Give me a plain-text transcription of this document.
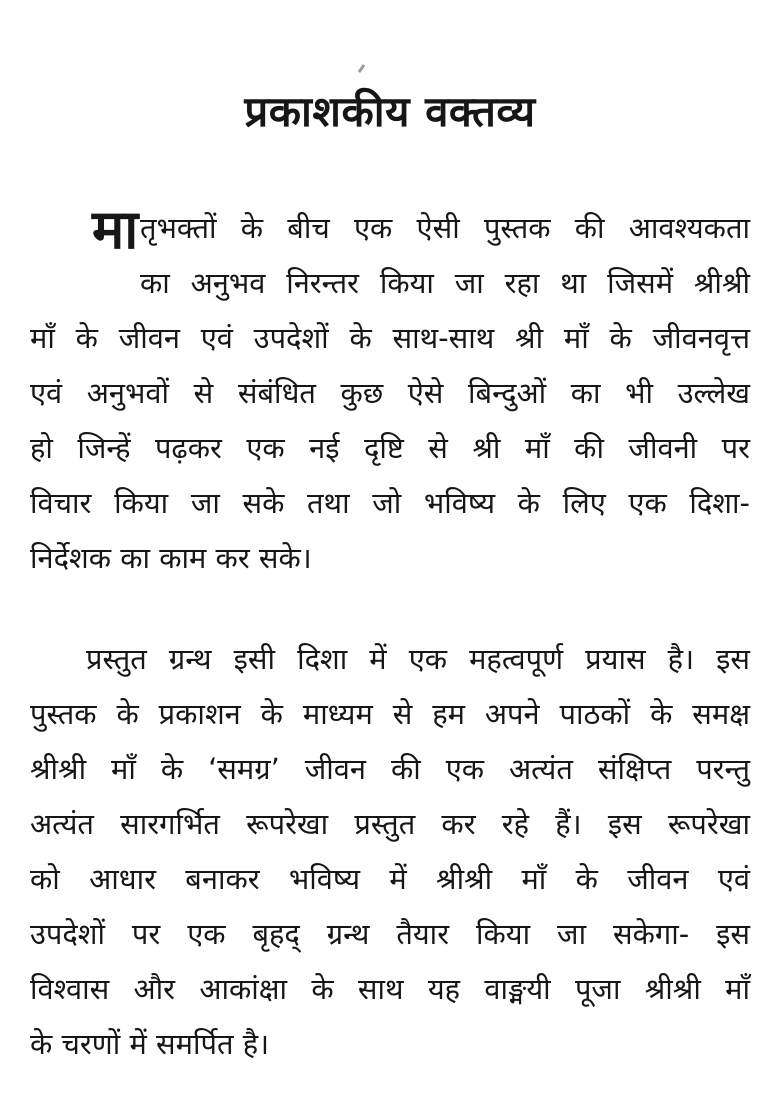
प्रकाशकीय वक्तव्य
मा तृभक्तों के बीच एक ऐसी पुस्तक की आवश्यकता
का अनुभव निरन्तर किया जा रहा था जिसमें श्रीश्री
माँ के जीवन एवं उपदेशों के साथ-साथ श्री माँ के जीवनवृत्त
एवं अनुभवों से संबंधित कुछ ऐसे बिन्दुओं का भी उल्लेख
हो जिन्हें पढ़कर एक नई दृष्टि से श्री माँ की जीवनी पर
विचार किया जा सके तथा जो भविष्य के लिए एक दिशा-
निर्देशक का काम कर सके।
प्रस्तुत ग्रन्थ इसी दिशा में एक महत्वपूर्ण प्रयास है। इस
पुस्तक के प्रकाशन के माध्यम से हम अपने पाठकों के समक्ष
श्रीश्री माँ के ‘समग्र’ जीवन की एक अत्यंत संक्षिप्त परन्तु
अत्यंत सारगर्भित रूपरेखा प्रस्तुत कर रहे हैं। इस रूपरेखा
को आधार बनाकर भविष्य में श्रीश्री माँ के जीवन एवं
उपदेशों पर एक बृहद् ग्रन्थ तैयार किया जा सकेगा- इस
विश्वास और आकांक्षा के साथ यह वाङ्मयी पूजा श्रीश्री माँ
के चरणों में समर्पित है।
